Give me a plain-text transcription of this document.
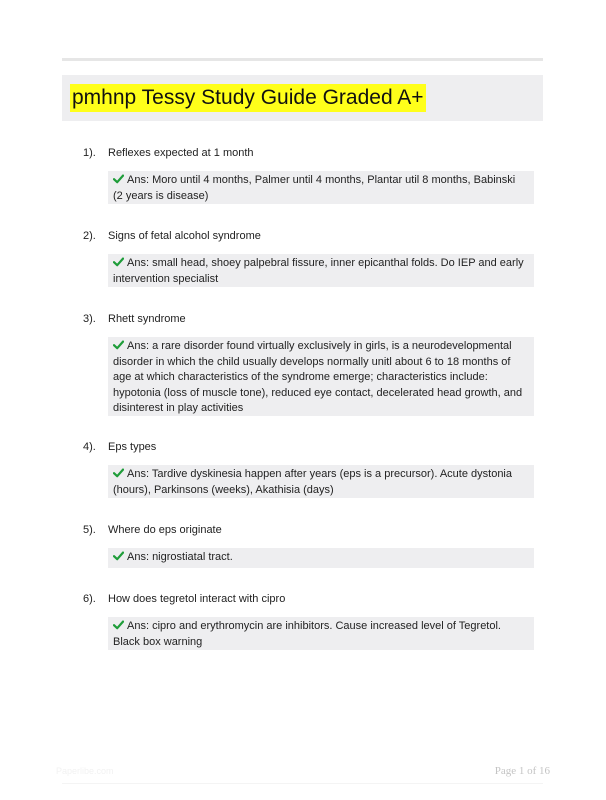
pmhnp Tessy Study Guide Graded A+
1). Reflexes expected at 1 month
Ans: Moro until 4 months, Palmer until 4 months, Plantar util 8 months, Babinski (2 years is disease)
2). Signs of fetal alcohol syndrome
Ans: small head, shoey palpebral fissure, inner epicanthal folds. Do IEP and early intervention specialist
3). Rhett syndrome
Ans: a rare disorder found virtually exclusively in girls, is a neurodevelopmental disorder in which the child usually develops normally unitl about 6 to 18 months of age at which characteristics of the syndrome emerge; characteristics include: hypotonia (loss of muscle tone), reduced eye contact, decelerated head growth, and disinterest in play activities
4). Eps types
Ans: Tardive dyskinesia happen after years (eps is a precursor). Acute dystonia (hours), Parkinsons (weeks), Akathisia (days)
5). Where do eps originate
Ans: nigrostiatal tract.
6). How does tegretol interact with cipro
Ans: cipro and erythromycin are inhibitors. Cause increased level of Tegretol. Black box warning
Paperlibe.com	Page 1 of 16
